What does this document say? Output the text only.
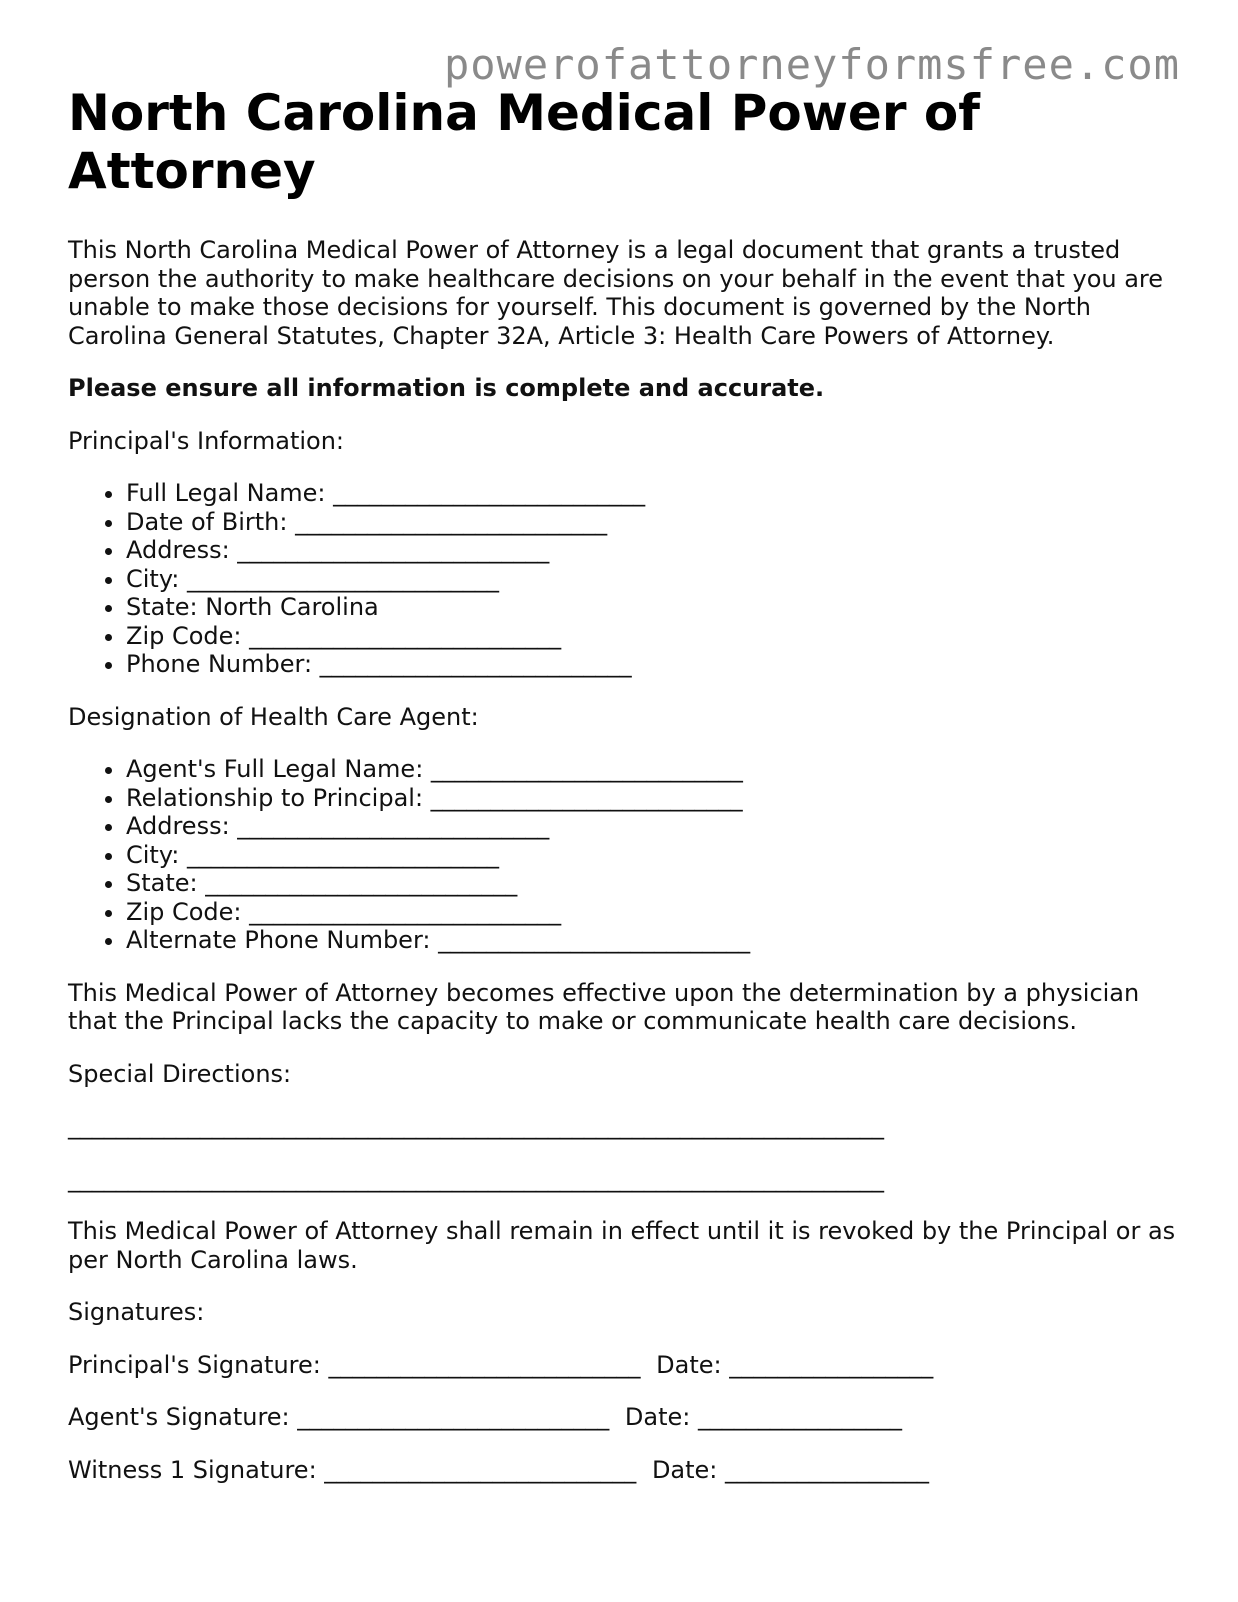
powerofattorneyformsfree.com
North Carolina Medical Power of Attorney

This North Carolina Medical Power of Attorney is a legal document that grants a trusted person the authority to make healthcare decisions on your behalf in the event that you are unable to make those decisions for yourself. This document is governed by the North Carolina General Statutes, Chapter 32A, Article 3: Health Care Powers of Attorney.

Please ensure all information is complete and accurate.

Principal's Information:

• Full Legal Name: __________________________
• Date of Birth: __________________________
• Address: __________________________
• City: __________________________
• State: North Carolina
• Zip Code: __________________________
• Phone Number: __________________________

Designation of Health Care Agent:

• Agent's Full Legal Name: __________________________
• Relationship to Principal: __________________________
• Address: __________________________
• City: __________________________
• State: __________________________
• Zip Code: __________________________
• Alternate Phone Number: __________________________

This Medical Power of Attorney becomes effective upon the determination by a physician that the Principal lacks the capacity to make or communicate health care decisions.

Special Directions:

____________________________________________________________________
____________________________________________________________________

This Medical Power of Attorney shall remain in effect until it is revoked by the Principal or as per North Carolina laws.

Signatures:

Principal's Signature: __________________________ Date: _________________
Agent's Signature: __________________________ Date: _________________
Witness 1 Signature: __________________________ Date: _________________
